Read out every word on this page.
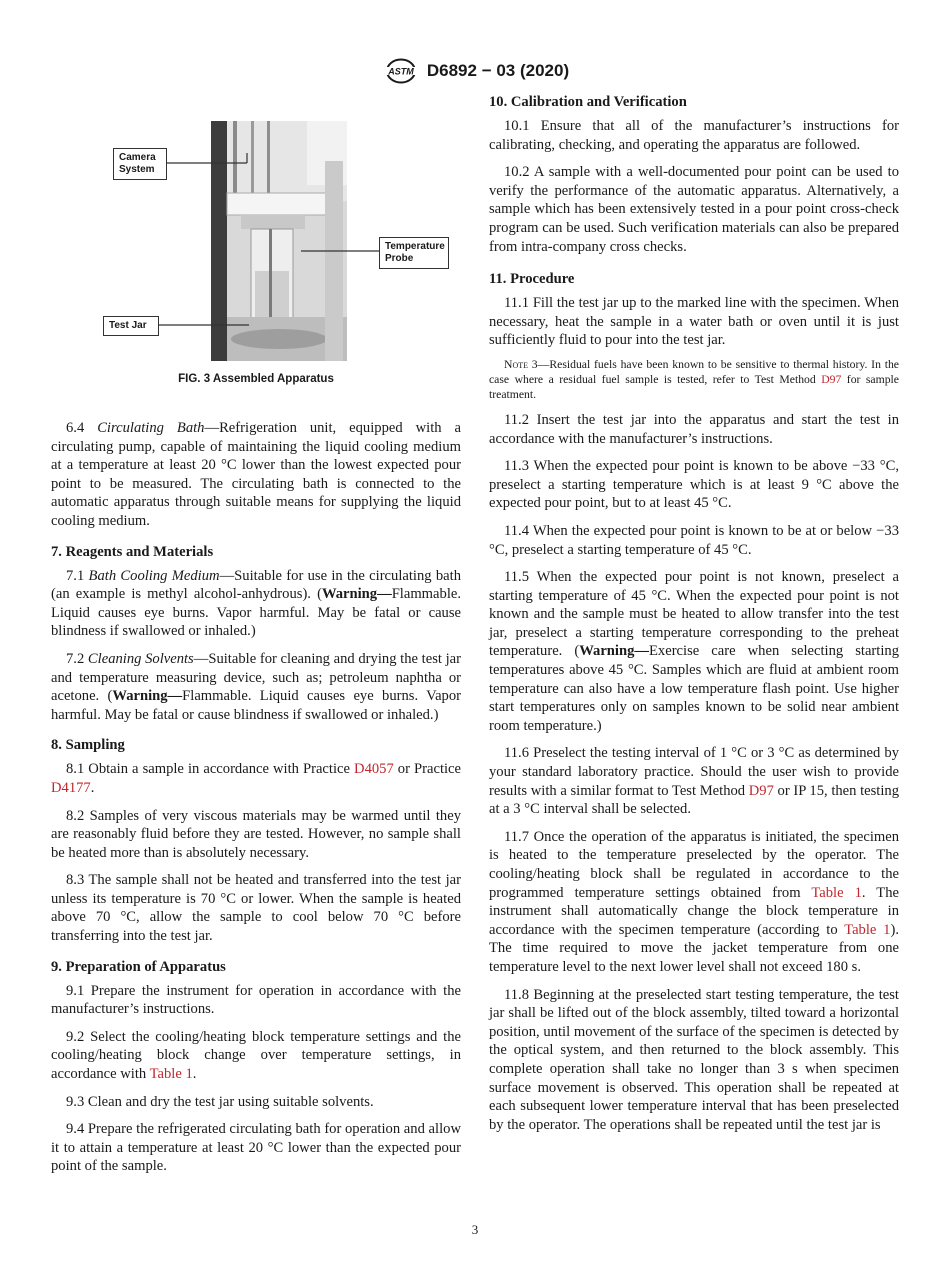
ASTM D6892 − 03 (2020)
Camera System
Temperature Probe
Test Jar
FIG. 3 Assembled Apparatus

6.4 Circulating Bath—Refrigeration unit, equipped with a circulating pump, capable of maintaining the liquid cooling medium at a temperature at least 20 °C lower than the lowest expected pour point to be measured. The circulating bath is connected to the automatic apparatus through suitable means for supplying the liquid cooling medium.

7. Reagents and Materials

7.1 Bath Cooling Medium—Suitable for use in the circulating bath (an example is methyl alcohol-anhydrous). (Warning—Flammable. Liquid causes eye burns. Vapor harmful. May be fatal or cause blindness if swallowed or inhaled.)

7.2 Cleaning Solvents—Suitable for cleaning and drying the test jar and temperature measuring device, such as; petroleum naphtha or acetone. (Warning—Flammable. Liquid causes eye burns. Vapor harmful. May be fatal or cause blindness if swallowed or inhaled.)

8. Sampling

8.1 Obtain a sample in accordance with Practice D4057 or Practice D4177.

8.2 Samples of very viscous materials may be warmed until they are reasonably fluid before they are tested. However, no sample shall be heated more than is absolutely necessary.

8.3 The sample shall not be heated and transferred into the test jar unless its temperature is 70 °C or lower. When the sample is heated above 70 °C, allow the sample to cool below 70 °C before transferring into the test jar.

9. Preparation of Apparatus

9.1 Prepare the instrument for operation in accordance with the manufacturer’s instructions.

9.2 Select the cooling/heating block temperature settings and the cooling/heating block change over temperature settings, in accordance with Table 1.

9.3 Clean and dry the test jar using suitable solvents.

9.4 Prepare the refrigerated circulating bath for operation and allow it to attain a temperature at least 20 °C lower than the expected pour point of the sample.

10. Calibration and Verification

10.1 Ensure that all of the manufacturer’s instructions for calibrating, checking, and operating the apparatus are followed.

10.2 A sample with a well-documented pour point can be used to verify the performance of the automatic apparatus. Alternatively, a sample which has been extensively tested in a pour point cross-check program can be used. Such verification materials can also be prepared from intra-company cross checks.

11. Procedure

11.1 Fill the test jar up to the marked line with the specimen. When necessary, heat the sample in a water bath or oven until it is just sufficiently fluid to pour into the test jar.

Note 3—Residual fuels have been known to be sensitive to thermal history. In the case where a residual fuel sample is tested, refer to Test Method D97 for sample treatment.

11.2 Insert the test jar into the apparatus and start the test in accordance with the manufacturer’s instructions.

11.3 When the expected pour point is known to be above −33 °C, preselect a starting temperature which is at least 9 °C above the expected pour point, but to at least 45 °C.

11.4 When the expected pour point is known to be at or below −33 °C, preselect a starting temperature of 45 °C.

11.5 When the expected pour point is not known, preselect a starting temperature of 45 °C. When the expected pour point is not known and the sample must be heated to allow transfer into the test jar, preselect a starting temperature corresponding to the preheat temperature. (Warning—Exercise care when selecting starting temperatures above 45 °C. Samples which are fluid at ambient room temperature can also have a low temperature flash point. Use higher start temperatures only on samples known to be solid near ambient room temperature.)

11.6 Preselect the testing interval of 1 °C or 3 °C as determined by your standard laboratory practice. Should the user wish to provide results with a similar format to Test Method D97 or IP 15, then testing at a 3 °C interval shall be selected.

11.7 Once the operation of the apparatus is initiated, the specimen is heated to the temperature preselected by the operator. The cooling/heating block shall be regulated in accordance to the programmed temperature settings obtained from Table 1. The instrument shall automatically change the block temperature in accordance with the specimen temperature (according to Table 1). The time required to move the jacket temperature from one temperature level to the next lower level shall not exceed 180 s.

11.8 Beginning at the preselected start testing temperature, the test jar shall be lifted out of the block assembly, tilted toward a horizontal position, until movement of the surface of the specimen is detected by the optical system, and then returned to the block assembly. This complete operation shall take no longer than 3 s when specimen surface movement is observed. This operation shall be repeated at each subsequent lower temperature interval that has been preselected by the operator. The operations shall be repeated until the test jar is

3
